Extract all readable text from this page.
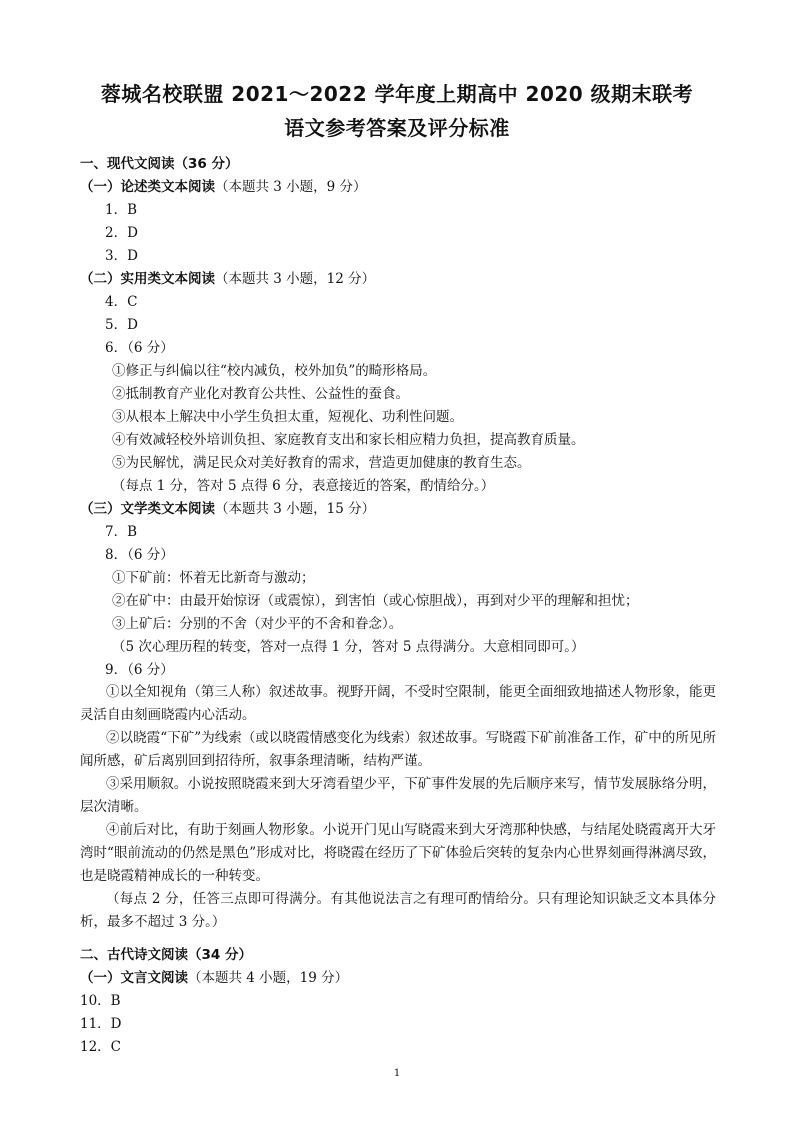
蓉城名校联盟 2021～2022 学年度上期高中 2020 级期末联考
语文参考答案及评分标准
一、现代文阅读（36 分）
（一）论述类文本阅读（本题共 3 小题，9 分）
1．B
2．D
3．D
（二）实用类文本阅读（本题共 3 小题，12 分）
4．C
5．D
6．（6 分）
①修正与纠偏以往“校内减负，校外加负”的畸形格局。
②抵制教育产业化对教育公共性、公益性的蚕食。
③从根本上解决中小学生负担太重，短视化、功利性问题。
④有效减轻校外培训负担、家庭教育支出和家长相应精力负担，提高教育质量。
⑤为民解忧，满足民众对美好教育的需求，营造更加健康的教育生态。
（每点 1 分，答对 5 点得 6 分，表意接近的答案，酌情给分。）
（三）文学类文本阅读（本题共 3 小题，15 分）
7．B
8．（6 分）
①下矿前：怀着无比新奇与激动；
②在矿中：由最开始惊讶（或震惊），到害怕（或心惊胆战），再到对少平的理解和担忧；
③上矿后：分别的不舍（对少平的不舍和眷念）。
（5 次心理历程的转变，答对一点得 1 分，答对 5 点得满分。大意相同即可。）
9．（6 分）
①以全知视角（第三人称）叙述故事。视野开阔，不受时空限制，能更全面细致地描述人物形象，能更灵活自由刻画晓霞内心活动。
②以晓霞“下矿”为线索（或以晓霞情感变化为线索）叙述故事。写晓霞下矿前准备工作，矿中的所见所闻所感，矿后离别回到招待所，叙事条理清晰，结构严谨。
③采用顺叙。小说按照晓霞来到大牙湾看望少平，下矿事件发展的先后顺序来写，情节发展脉络分明，层次清晰。
④前后对比，有助于刻画人物形象。小说开门见山写晓霞来到大牙湾那种快感，与结尾处晓霞离开大牙湾时“眼前流动的仍然是黑色”形成对比，将晓霞在经历了下矿体验后突转的复杂内心世界刻画得淋漓尽致，也是晓霞精神成长的一种转变。
（每点 2 分，任答三点即可得满分。有其他说法言之有理可酌情给分。只有理论知识缺乏文本具体分析，最多不超过 3 分。）
二、古代诗文阅读（34 分）
（一）文言文阅读（本题共 4 小题，19 分）
10．B
11．D
12．C
1
